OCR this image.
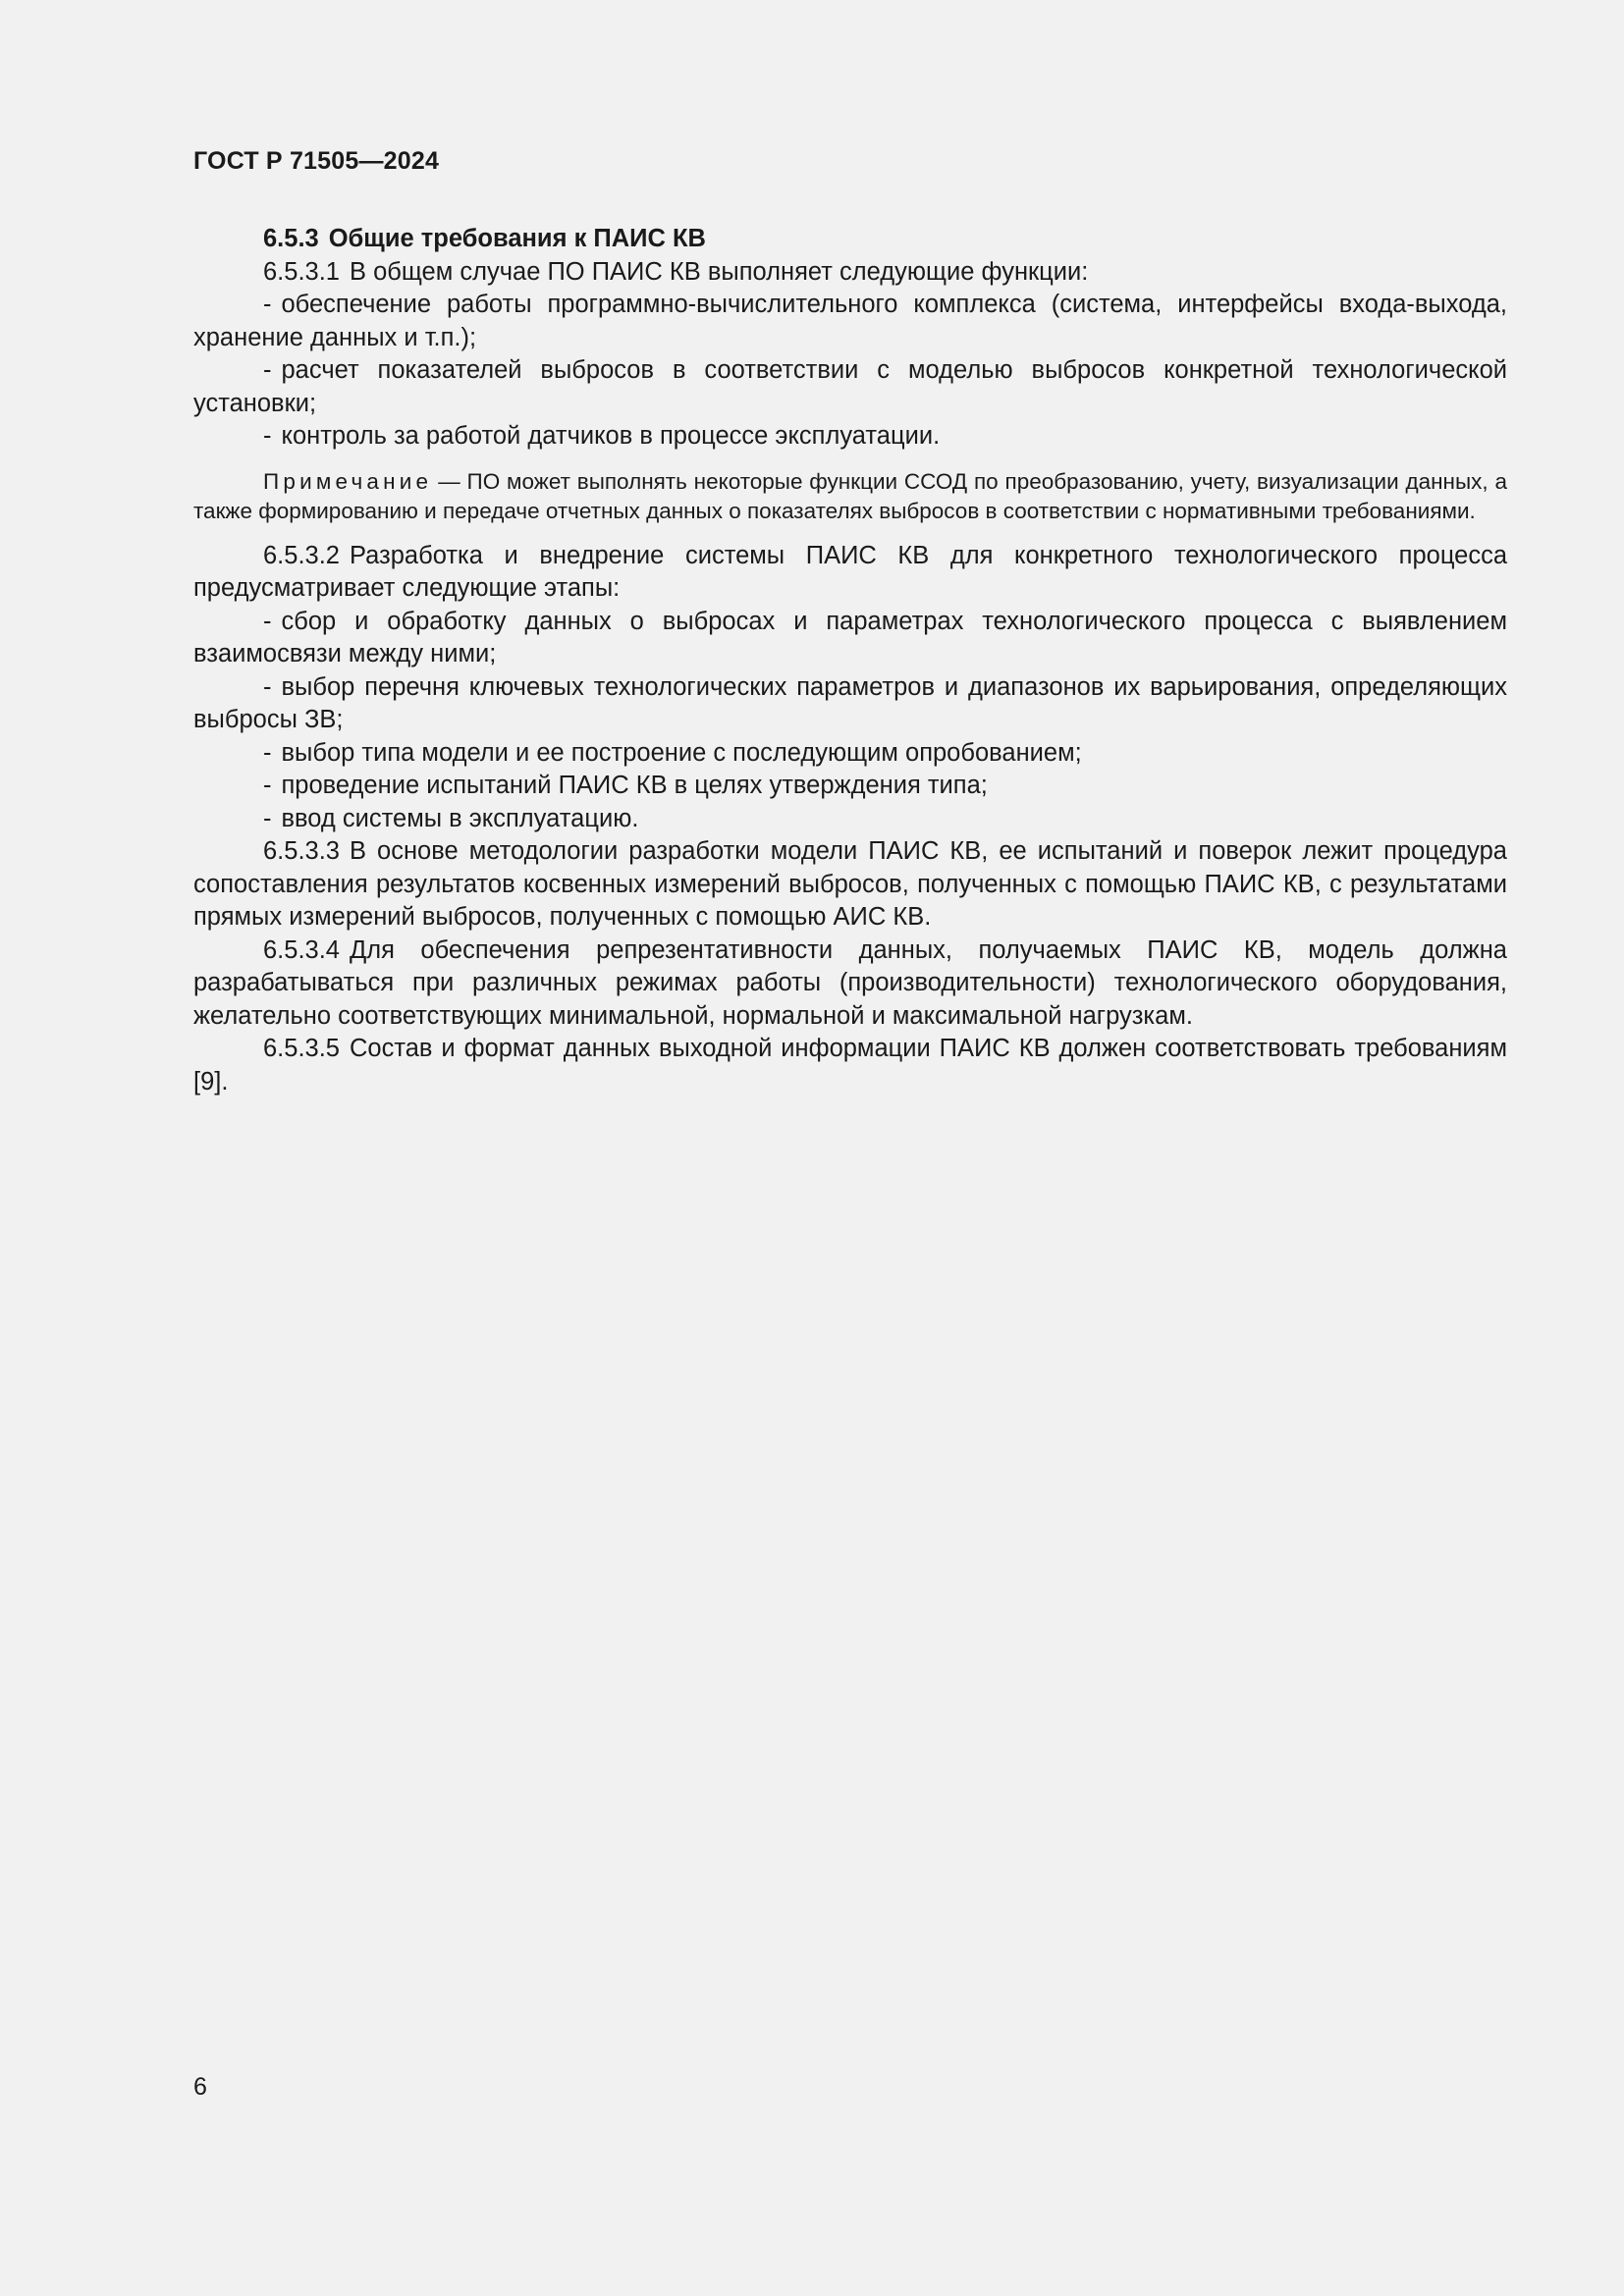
ГОСТ Р 71505—2024

6.5.3 Общие требования к ПАИС КВ

6.5.3.1 В общем случае ПО ПАИС КВ выполняет следующие функции:

- обеспечение работы программно-вычислительного комплекса (система, интерфейсы входа-выхода, хранение данных и т.п.);

- расчет показателей выбросов в соответствии с моделью выбросов конкретной технологической установки;

- контроль за работой датчиков в процессе эксплуатации.

Примечание — ПО может выполнять некоторые функции ССОД по преобразованию, учету, визуализации данных, а также формированию и передаче отчетных данных о показателях выбросов в соответствии с нормативными требованиями.

6.5.3.2 Разработка и внедрение системы ПАИС КВ для конкретного технологического процесса предусматривает следующие этапы:

- сбор и обработку данных о выбросах и параметрах технологического процесса с выявлением взаимосвязи между ними;

- выбор перечня ключевых технологических параметров и диапазонов их варьирования, определяющих выбросы ЗВ;

- выбор типа модели и ее построение с последующим опробованием;

- проведение испытаний ПАИС КВ в целях утверждения типа;

- ввод системы в эксплуатацию.

6.5.3.3 В основе методологии разработки модели ПАИС КВ, ее испытаний и поверок лежит процедура сопоставления результатов косвенных измерений выбросов, полученных с помощью ПАИС КВ, с результатами прямых измерений выбросов, полученных с помощью АИС КВ.

6.5.3.4 Для обеспечения репрезентативности данных, получаемых ПАИС КВ, модель должна разрабатываться при различных режимах работы (производительности) технологического оборудования, желательно соответствующих минимальной, нормальной и максимальной нагрузкам.

6.5.3.5 Состав и формат данных выходной информации ПАИС КВ должен соответствовать требованиям [9].

6
